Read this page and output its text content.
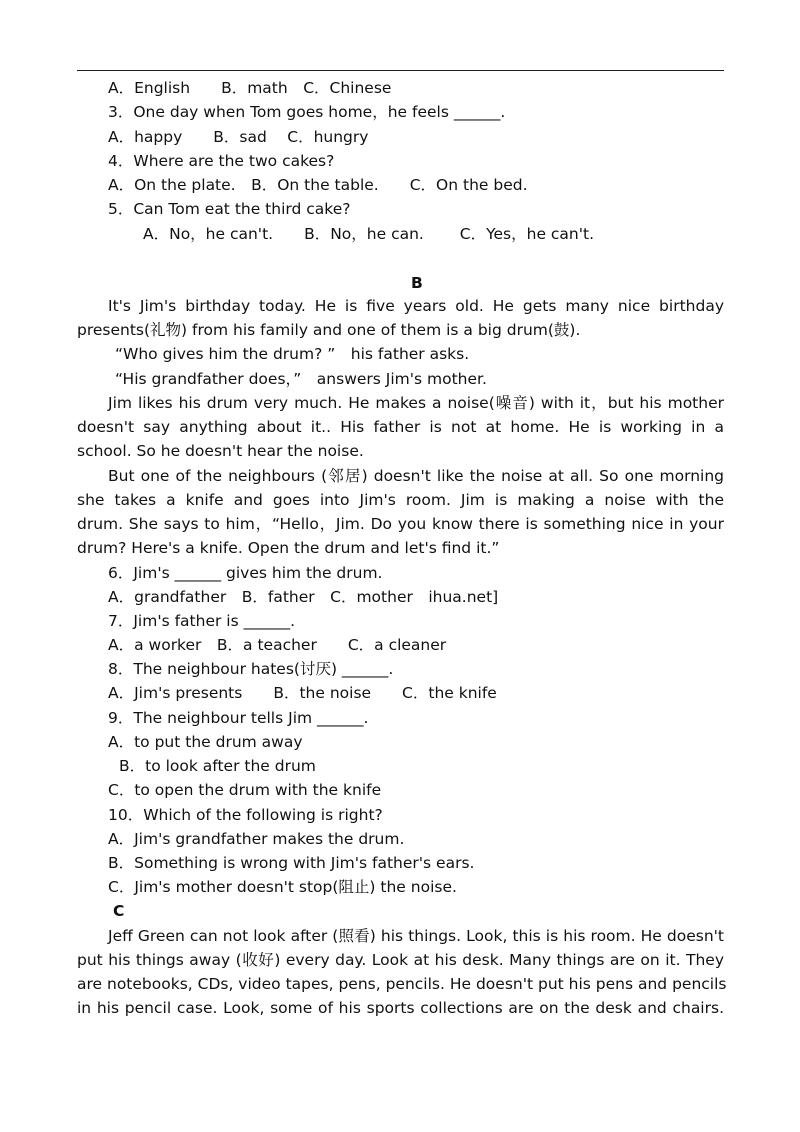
A．English　　B．math　C．Chinese
3．One day when Tom goes home，he feels ______.
A．happy　　B．sad　 C．hungry
4．Where are the two cakes?
A．On the plate.　B．On the table.　　C．On the bed.
5．Can Tom eat the third cake?
A．No，he can't.　　B．No，he can.　　 C．Yes，he can't.
B
It's Jim's birthday today. He is five years old. He gets many nice birthday
presents(礼物) from his family and one of them is a big drum(鼓).
“Who gives him the drum? ”　his father asks.
“His grandfather does，”　answers Jim's mother.
Jim likes his drum very much. He makes a noise(噪音) with it，but his mother
doesn't say anything about it.. His father is not at home. He is working in a
school. So he doesn't hear the noise.
But one of the neighbours (邻居) doesn't like the noise at all. So one morning
she takes a knife and goes into Jim's room. Jim is making a noise with the
drum. She says to him，“Hello，Jim. Do you know there is something nice in your
drum? Here's a knife. Open the drum and let's find it.”
6．Jim's ______ gives him the drum.
A．grandfather　B．father　C．mother　ihua.net]
7．Jim's father is ______.
A．a worker　B．a teacher　　C．a cleaner
8．The neighbour hates(讨厌) ______.
A．Jim's presents　　B．the noise　　C．the knife
9．The neighbour tells Jim ______.
A．to put the drum away
B．to look after the drum
C．to open the drum with the knife
10．Which of the following is right?
A．Jim's grandfather makes the drum.
B．Something is wrong with Jim's father's ears.
C．Jim's mother doesn't stop(阻止) the noise.
C
Jeff Green can not look after (照看) his things. Look, this is his room. He doesn't
put his things away (收好) every day. Look at his desk. Many things are on it. They
are notebooks, CDs, video tapes, pens, pencils. He doesn't put his pens and pencils
in his pencil case. Look, some of his sports collections are on the desk and chairs.
